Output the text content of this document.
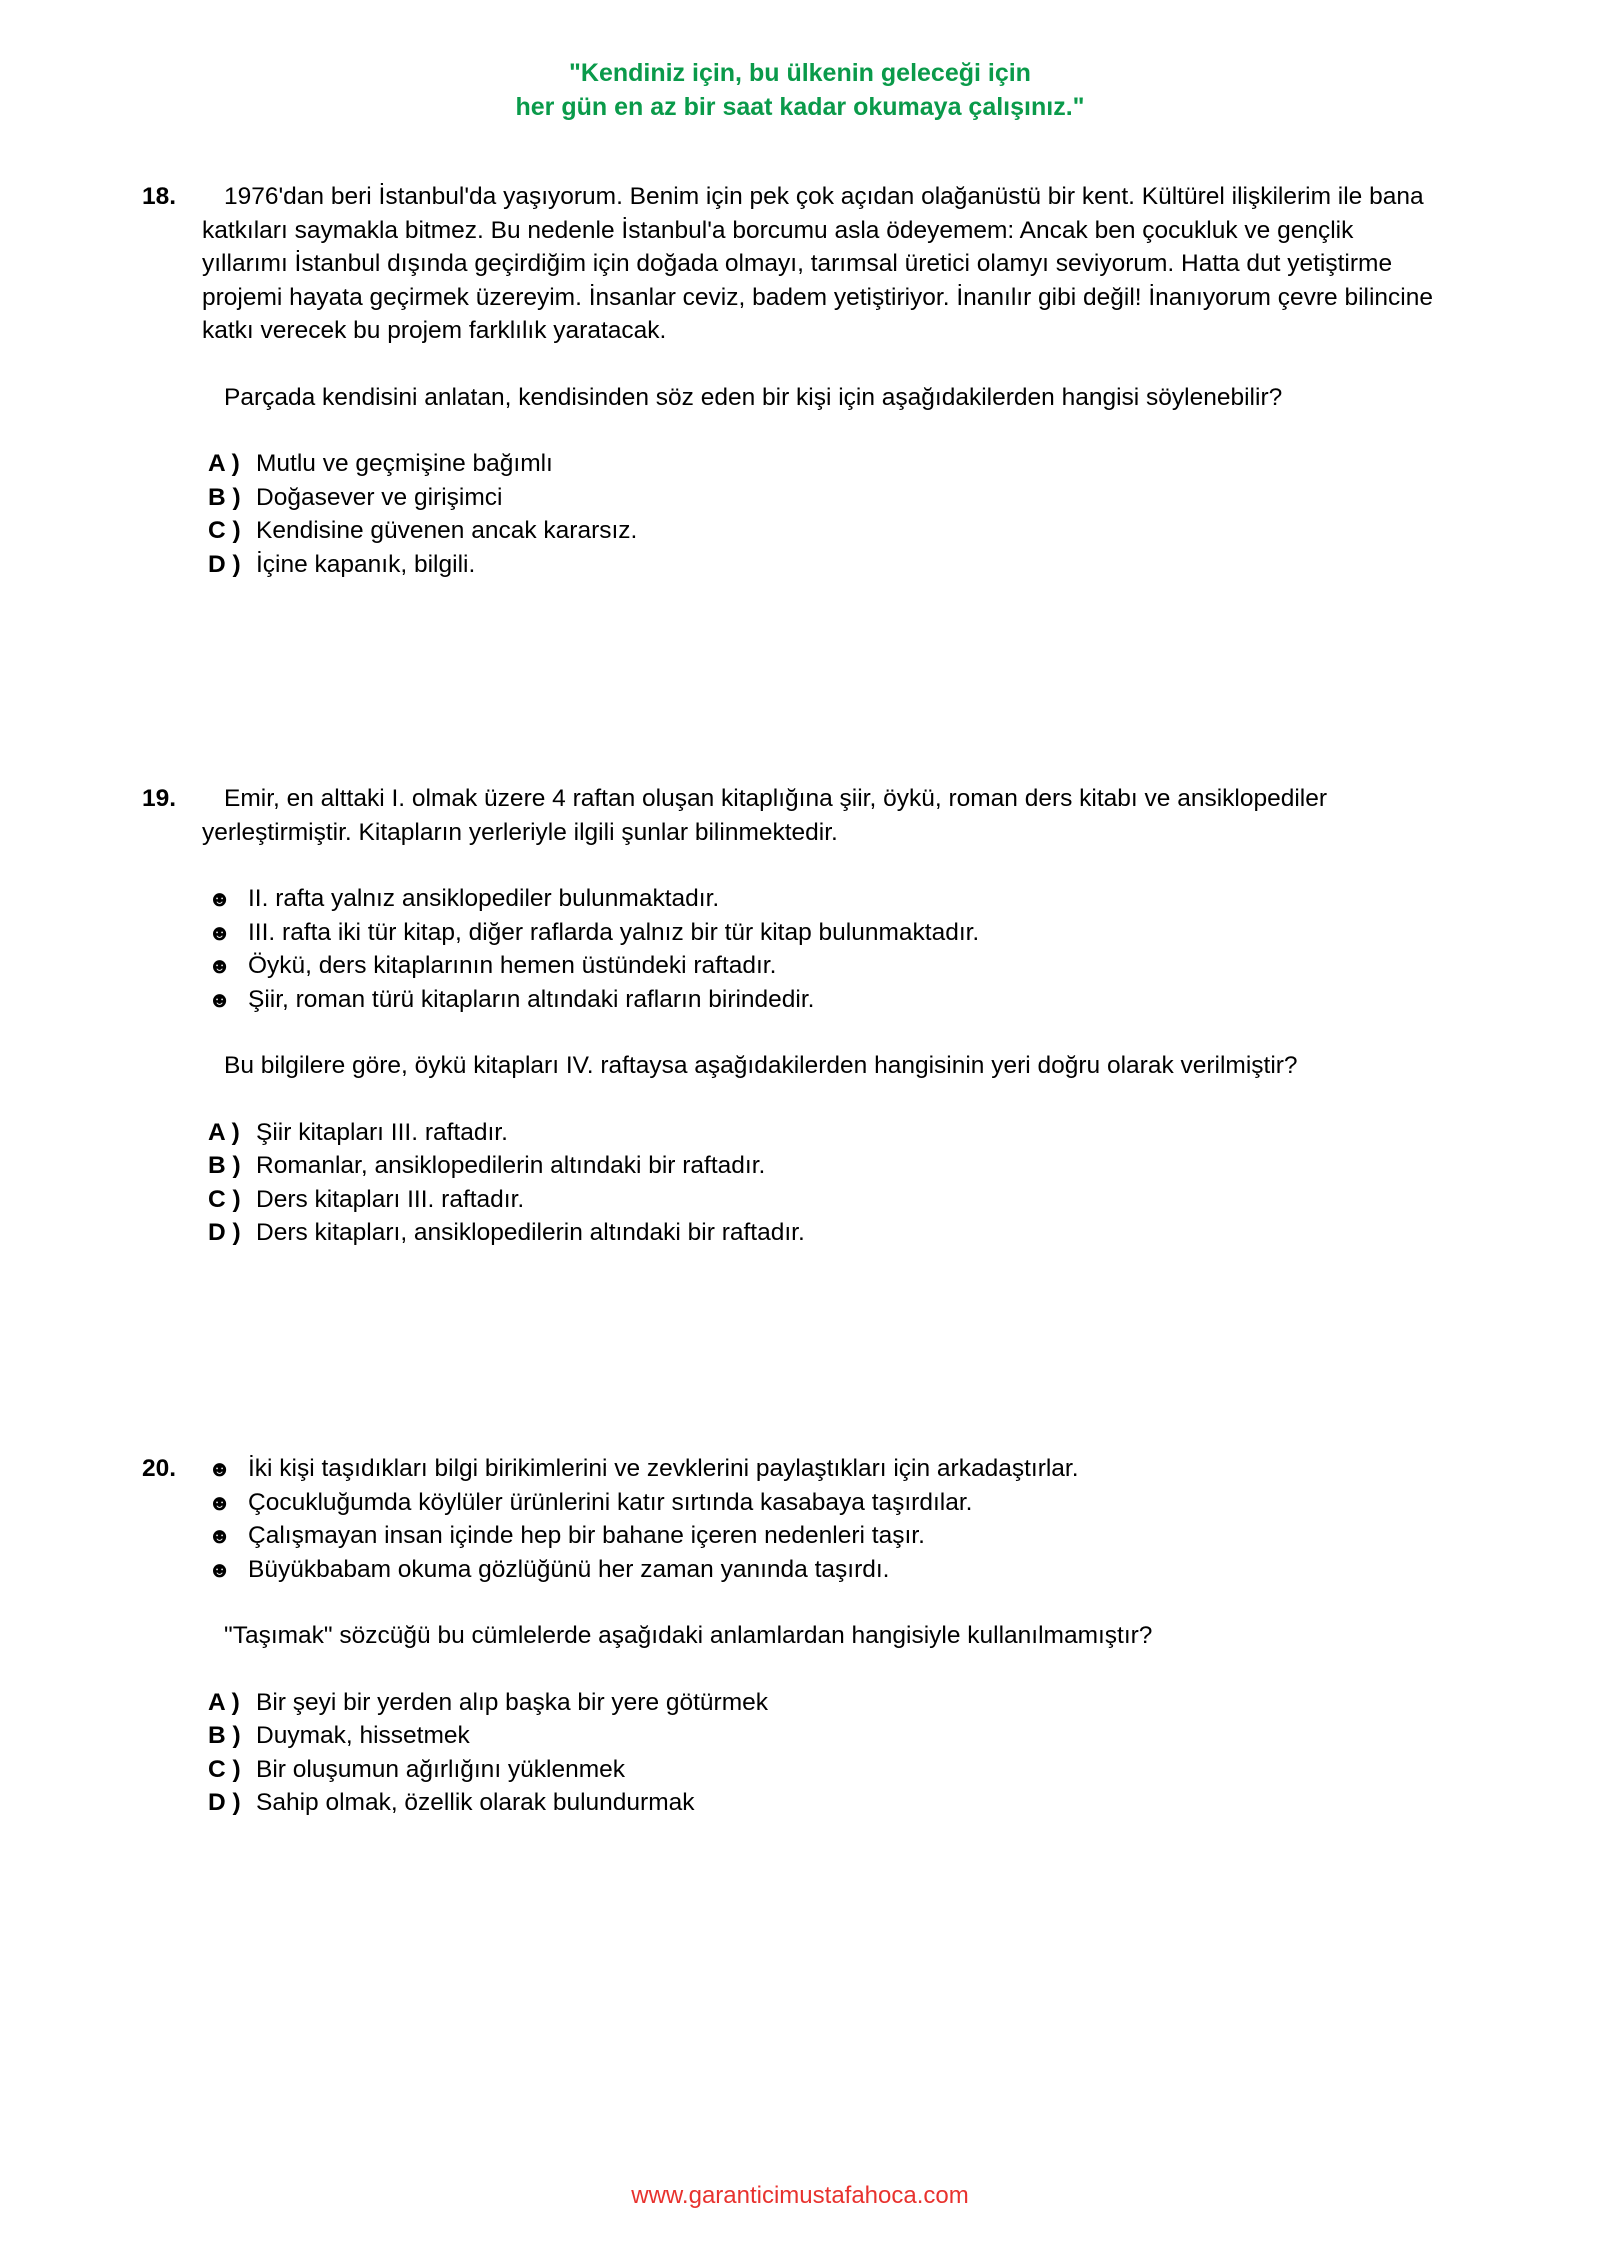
"Kendiniz için, bu ülkenin geleceği için
her gün en az bir saat kadar okumaya çalışınız."
18.	1976'dan beri İstanbul'da yaşıyorum. Benim için pek çok açıdan olağanüstü bir kent. Kültürel ilişkilerim ile bana katkıları saymakla bitmez. Bu nedenle İstanbul'a borcumu asla ödeyemem: Ancak ben çocukluk ve gençlik yıllarımı İstanbul dışında geçirdiğim için doğada olmayı, tarımsal üretici olamyı seviyorum. Hatta dut yetiştirme projemi hayata geçirmek üzereyim. İnsanlar ceviz, badem yetiştiriyor. İnanılır gibi değil! İnanıyorum çevre bilincine katkı verecek bu projem farklılık yaratacak.
Parçada kendisini anlatan, kendisinden söz eden bir kişi için aşağıdakilerden hangisi söylenebilir?
A ) Mutlu ve geçmişine bağımlı
B ) Doğasever ve girişimci
C ) Kendisine güvenen ancak kararsız.
D ) İçine kapanık, bilgili.
19.	Emir, en alttaki I. olmak üzere 4 raftan oluşan kitaplığına şiir, öykü, roman ders kitabı ve ansiklopediler yerleştirmiştir. Kitapların yerleriyle ilgili şunlar bilinmektedir.
☻ II. rafta yalnız ansiklopediler bulunmaktadır.
☻ III. rafta iki tür kitap, diğer raflarda yalnız bir tür kitap bulunmaktadır.
☻ Öykü, ders kitaplarının hemen üstündeki raftadır.
☻ Şiir, roman türü kitapların altındaki rafların birindedir.
Bu bilgilere göre, öykü kitapları IV. raftaysa aşağıdakilerden hangisinin yeri doğru olarak verilmiştir?
A ) Şiir kitapları III. raftadır.
B ) Romanlar, ansiklopedilerin altındaki bir raftadır.
C ) Ders kitapları III. raftadır.
D ) Ders kitapları, ansiklopedilerin altındaki bir raftadır.
20.	☻ İki kişi taşıdıkları bilgi birikimlerini ve zevklerini paylaştıkları için arkadaştırlar.
☻ Çocukluğumda köylüler ürünlerini katır sırtında kasabaya taşırdılar.
☻ Çalışmayan insan içinde hep bir bahane içeren nedenleri taşır.
☻ Büyükbabam okuma gözlüğünü her zaman yanında taşırdı.
"Taşımak" sözcüğü bu cümlelerde aşağıdaki anlamlardan hangisiyle kullanılmamıştır?
A ) Bir şeyi bir yerden alıp başka bir yere götürmek
B ) Duymak, hissetmek
C ) Bir oluşumun ağırlığını yüklenmek
D ) Sahip olmak, özellik olarak bulundurmak
www.garanticimustafahoca.com
